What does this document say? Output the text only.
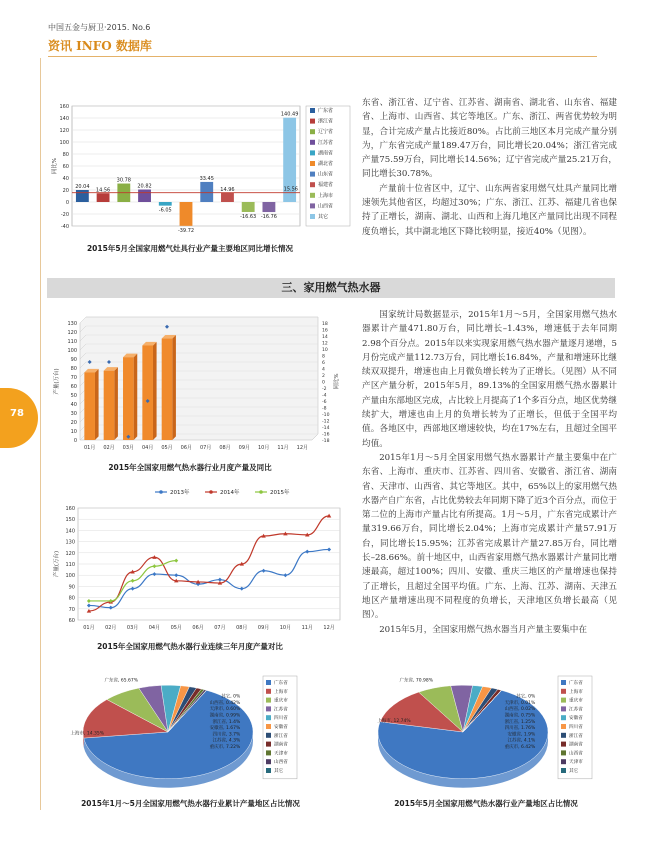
中国五金与厨卫·2015. No.6
资讯 INFO 数据库
78
160
140
120
100
80
60
40
20
0
-20
-40
同比%
20.04
14.56
30.78
20.82
-6.05
-39.72
33.45
14.96
-16.63 -16.76
140.49
15.56
广东省
浙江省
辽宁省
江苏省
湖南省
湖北省
山东省
福建省
上海市
山西省
其它
2015年5月全国家用燃气灶具行业产量主要地区同比增长情况

东省、浙江省、辽宁省、江苏省、湖南省、湖北省、山东省、福建省、上海市、山西省、其它等地区。广东、浙江、两省优势较为明显，合计完成产量占比接近80%。占比前三地区本月完成产量分别为，广东省完成产量189.47万台，同比增长20.04%；浙江省完成产量75.59万台，同比增长14.56%；辽宁省完成产量25.21万台，同比增长30.78%。

产量前十位省区中，辽宁、山东两省家用燃气灶具产量同比增速领先其他省区，均超过30%；广东、浙江、江苏、福建几省也保持了正增长，湖南、湖北、山西和上海几地区产量同比出现不同程度负增长，其中湖北地区下降比较明显，接近40%（见图）。

三、家用燃气热水器
130
120
110
100
90
80
70
60
50
40
30
20
10
0
18
16
14
12
10
8
6
4
2
0
-2
-4
-6
-8
-10
-12
-14
-16
-18
产量(万台)	同比%
01月 02月 03月 04月 05月 06月 07月 08月 09月 10月 11月 12月
2015年全国家用燃气热水器行业月度产量及同比
2013年	2014年	2015年
160
150
140
130
120
110
100
90
80
70
60
产量(万台)
01月 02月 03月 04月 05月 06月 07月 08月 09月 10月 11月 12月
2015年全国家用燃气热水器行业连续三年月度产量对比

国家统计局数据显示，2015年1月～5月，全国家用燃气热水器累计产量471.80万台，同比增长–1.43%，增速低于去年同期2.98个百分点。2015年以来实现家用燃气热水器产量逐月递增，5月份完成产量112.73万台，同比增长16.84%，产量和增速环比继续双双提升，增速也由上月微负增长转为了正增长。（见图）从不同产区产量分析，2015年5月，89.13%的全国家用燃气热水器累计产量由东部地区完成，占比较上月提高了1个多百分点，地区优势继续扩大，增速也由上月的负增长转为了正增长，但低于全国平均值。各地区中，西部地区增速较快，均在17%左右，且超过全国平均值。

2015年1月～5月全国家用燃气热水器累计产量主要集中在广东省、上海市、重庆市、江苏省、四川省、安徽省、浙江省、湖南省、天津市、山西省、其它等地区。其中，65%以上的家用燃气热水器产自广东省，占比优势较去年同期下降了近3个百分点，而位于第二位的上海市产量占比有所提高。1月～5月，广东省完成累计产量319.66万台，同比增长2.04%；上海市完成累计产量57.91万台，同比增长15.95%；江苏省完成累计产量27.85万台，同比增长–28.66%。前十地区中，山西省家用燃气热水器累计产量同比增速最高，超过100%；四川、安徽、重庆三地区的产量增速也保持了正增长，且超过全国平均值。广东、上海、江苏、湖南、天津五地区产量增速出现不同程度的负增长，天津地区负增长最高（见图）。

2015年5月，全国家用燃气热水器当月产量主要集中在

广东省, 65.67%
上海市, 14.35%
重庆市, 7.22%
江苏省, 4.3%
四川省, 3.7%
安徽省, 1.67%
浙江省, 1.4%
湖南省, 0.99%
天津市, 0.60%
山西省, 0.42%
其它, 0%
广东省
上海市
重庆市
江苏省
四川省
安徽省
浙江省
湖南省
天津市
山西省
其它
2015年1月～5月全国家用燃气热水器行业累计产量地区占比情况
广东省, 70.98%
上海市, 12.74%
重庆市, 6.42%
江苏省, 4.1%
安徽省, 1.9%
四川省, 1.76%
浙江省, 1.25%
湖南省, 0.75%
山西省, 0.02%
天津市, 0.01%
其它, 0%
广东省
上海市
重庆市
江苏省
安徽省
四川省
浙江省
湖南省
山西省
天津市
其它
2015年5月全国家用燃气热水器行业产量地区占比情况
